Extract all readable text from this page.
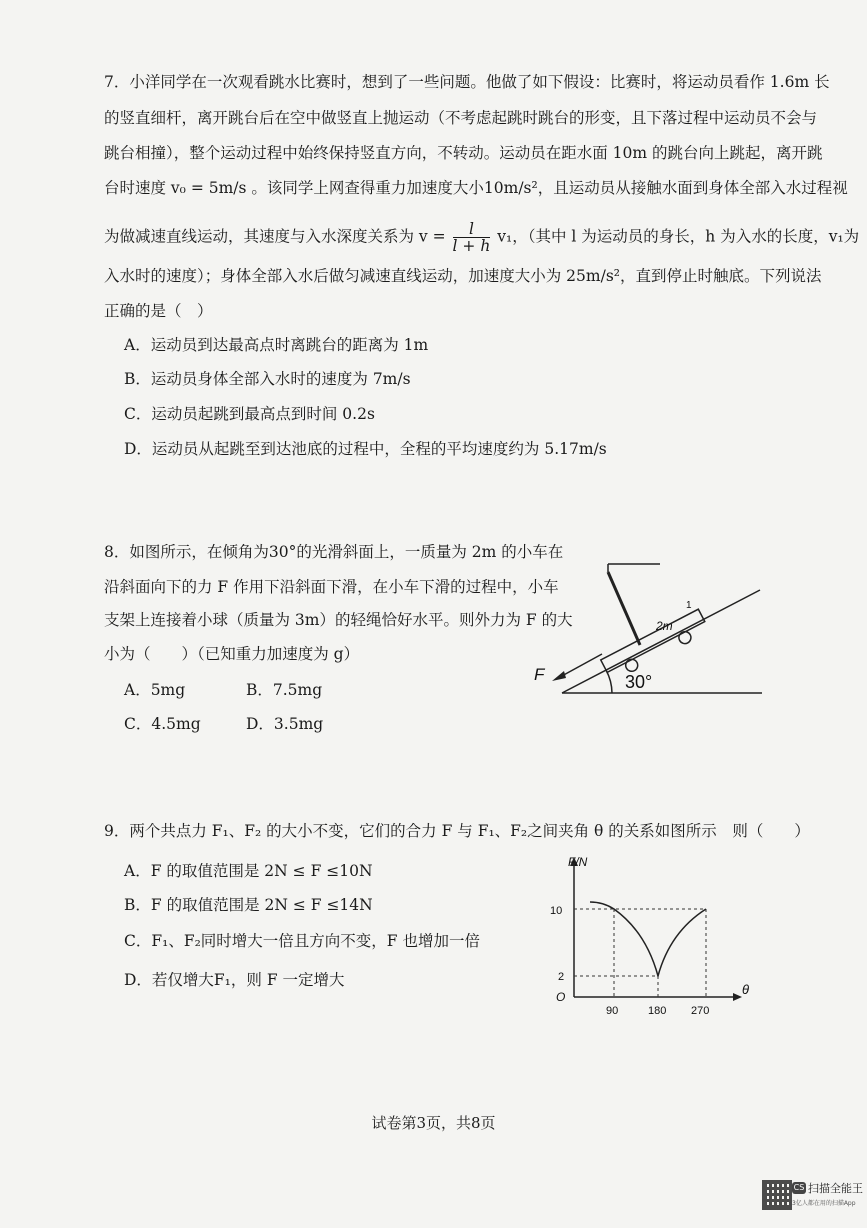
7．小洋同学在一次观看跳水比赛时，想到了一些问题。他做了如下假设：比赛时，将运动员看作 1.6m 长
的竖直细杆，离开跳台后在空中做竖直上抛运动（不考虑起跳时跳台的形变，且下落过程中运动员不会与
跳台相撞），整个运动过程中始终保持竖直方向，不转动。运动员在距水面 10m 的跳台向上跳起，离开跳
台时速度 v₀ = 5m/s 。该同学上网查得重力加速度大小10m/s²，且运动员从接触水面到身体全部入水过程视
为做减速直线运动，其速度与入水深度关系为 $v = \frac{l}{l + h} v_1$，（其中 l 为运动员的身长，h 为入水的长度，v₁为
入水时的速度）；身体全部入水后做匀减速直线运动，加速度大小为 25m/s²，直到停止时触底。下列说法
正确的是（　）
A．运动员到达最高点时离跳台的距离为 1m
B．运动员身体全部入水时的速度为 7m/s
C．运动员起跳到最高点到时间 0.2s
D．运动员从起跳至到达池底的过程中，全程的平均速度约为 5.17m/s
8．如图所示，在倾角为30°的光滑斜面上，一质量为 2m 的小车在
沿斜面向下的力 F 作用下沿斜面下滑，在小车下滑的过程中，小车
支架上连接着小球（质量为 3m）的轻绳恰好水平。则外力为 F 的大
小为（　　）（已知重力加速度为 g）
A．5mg	B．7.5mg
C．4.5mg	D．3.5mg
30°
1
2m
F
9．两个共点力 F₁、F₂ 的大小不变，它们的合力 F 与 F₁、F₂之间夹角 θ 的关系如图所示　则（　　）
A．F 的取值范围是 2N ≤ F ≤10N
B．F 的取值范围是 2N ≤ F ≤14N
C．F₁、F₂同时增大一倍且方向不变，F 也增加一倍
D．若仅增大F₁，则 F 一定增大
F/N
θ
O
10
2
90	180 270
试卷第3页，共8页
CS 扫描全能王
3亿人都在用的扫描App
